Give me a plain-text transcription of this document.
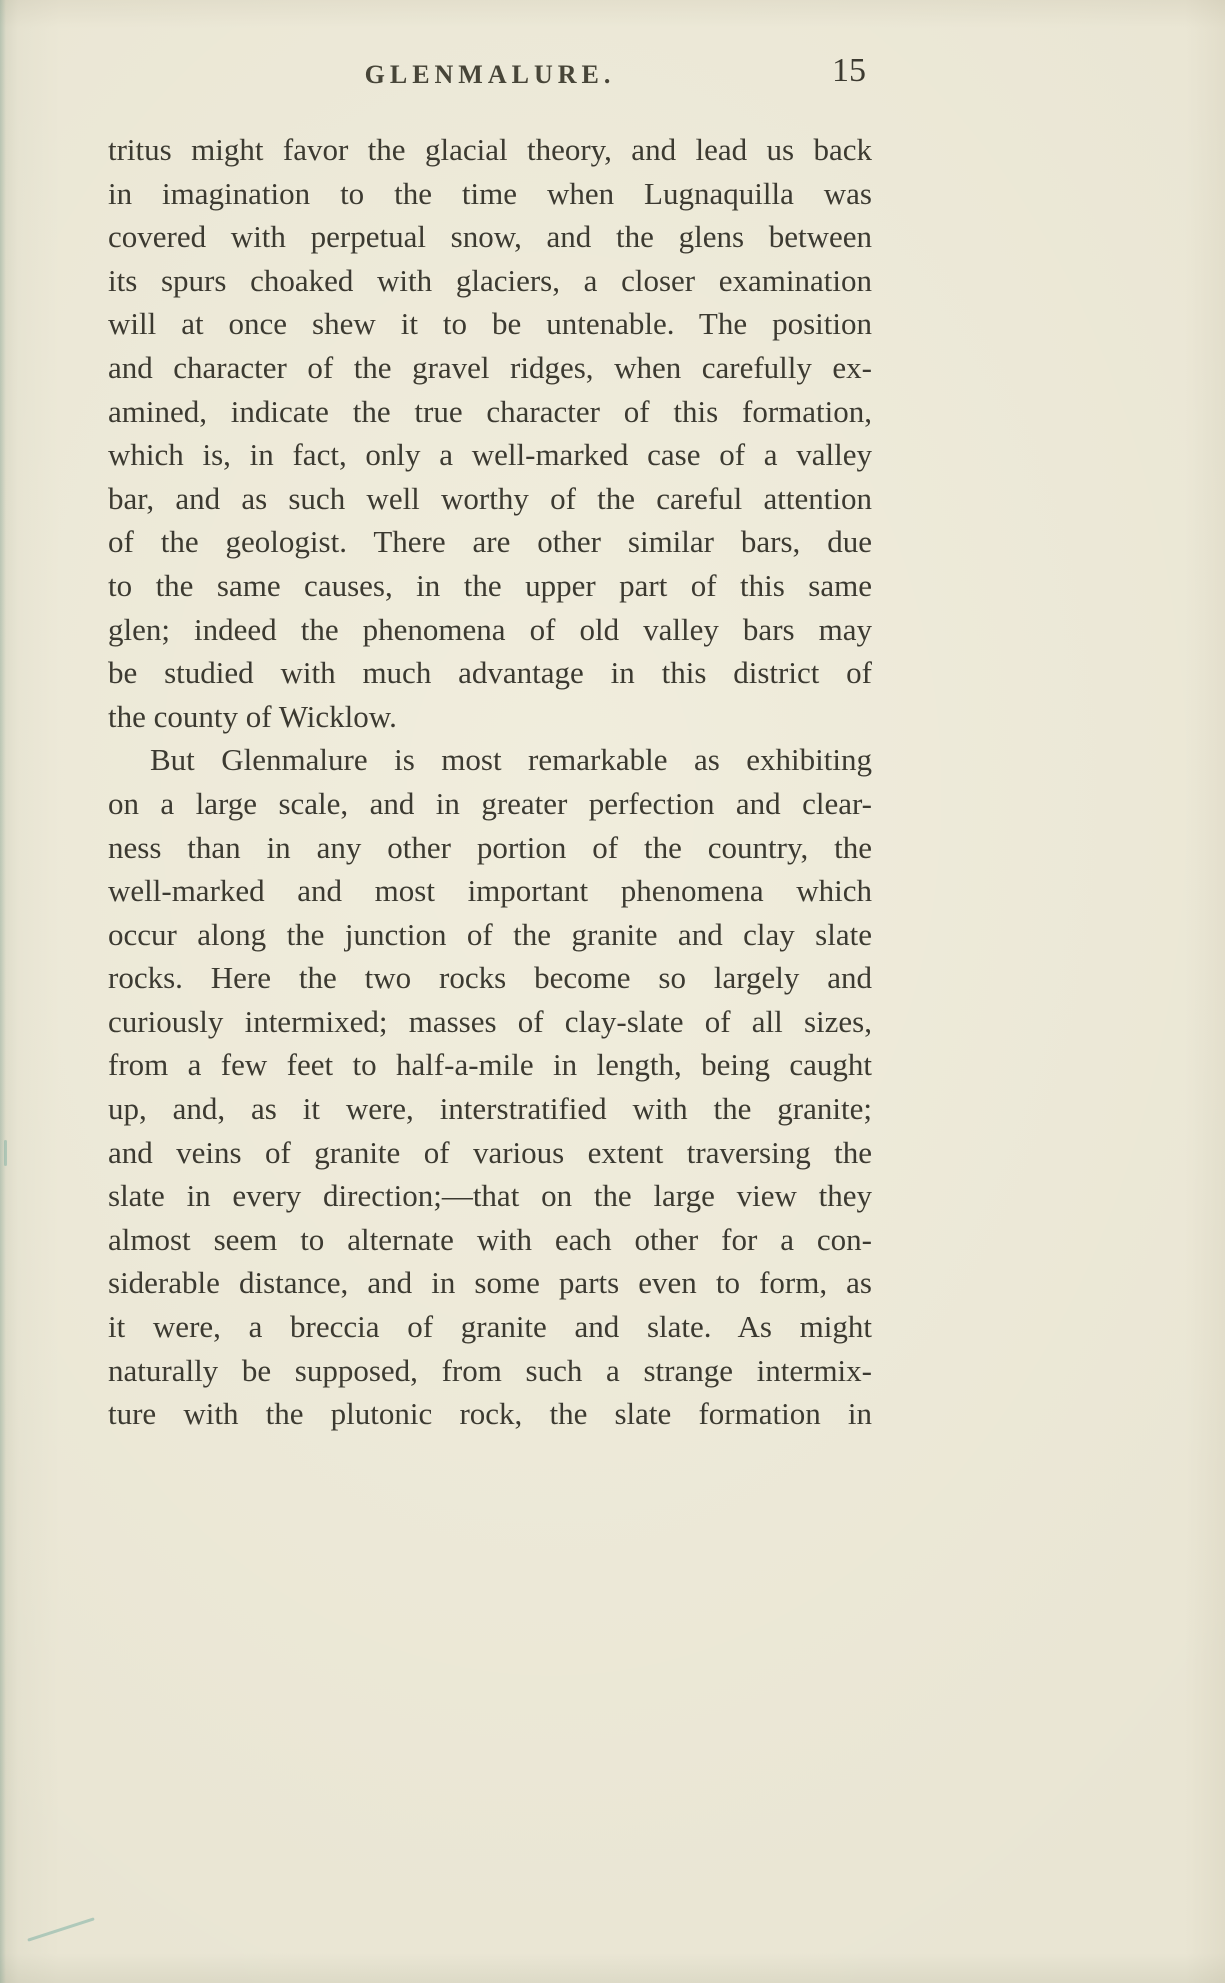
GLENMALURE.	15
tritus might favor the glacial theory, and lead us back
in imagination to the time when Lugnaquilla was
covered with perpetual snow, and the glens between
its spurs choaked with glaciers, a closer examination
will at once shew it to be untenable. The position
and character of the gravel ridges, when carefully ex-
amined, indicate the true character of this formation,
which is, in fact, only a well-marked case of a valley
bar, and as such well worthy of the careful attention
of the geologist. There are other similar bars, due
to the same causes, in the upper part of this same
glen; indeed the phenomena of old valley bars may
be studied with much advantage in this district of
the county of Wicklow.
But Glenmalure is most remarkable as exhibiting
on a large scale, and in greater perfection and clear-
ness than in any other portion of the country, the
well-marked and most important phenomena which
occur along the junction of the granite and clay slate
rocks. Here the two rocks become so largely and
curiously intermixed; masses of clay-slate of all sizes,
from a few feet to half-a-mile in length, being caught
up, and, as it were, interstratified with the granite;
and veins of granite of various extent traversing the
slate in every direction;—that on the large view they
almost seem to alternate with each other for a con-
siderable distance, and in some parts even to form, as
it were, a breccia of granite and slate. As might
naturally be supposed, from such a strange intermix-
ture with the plutonic rock, the slate formation in
